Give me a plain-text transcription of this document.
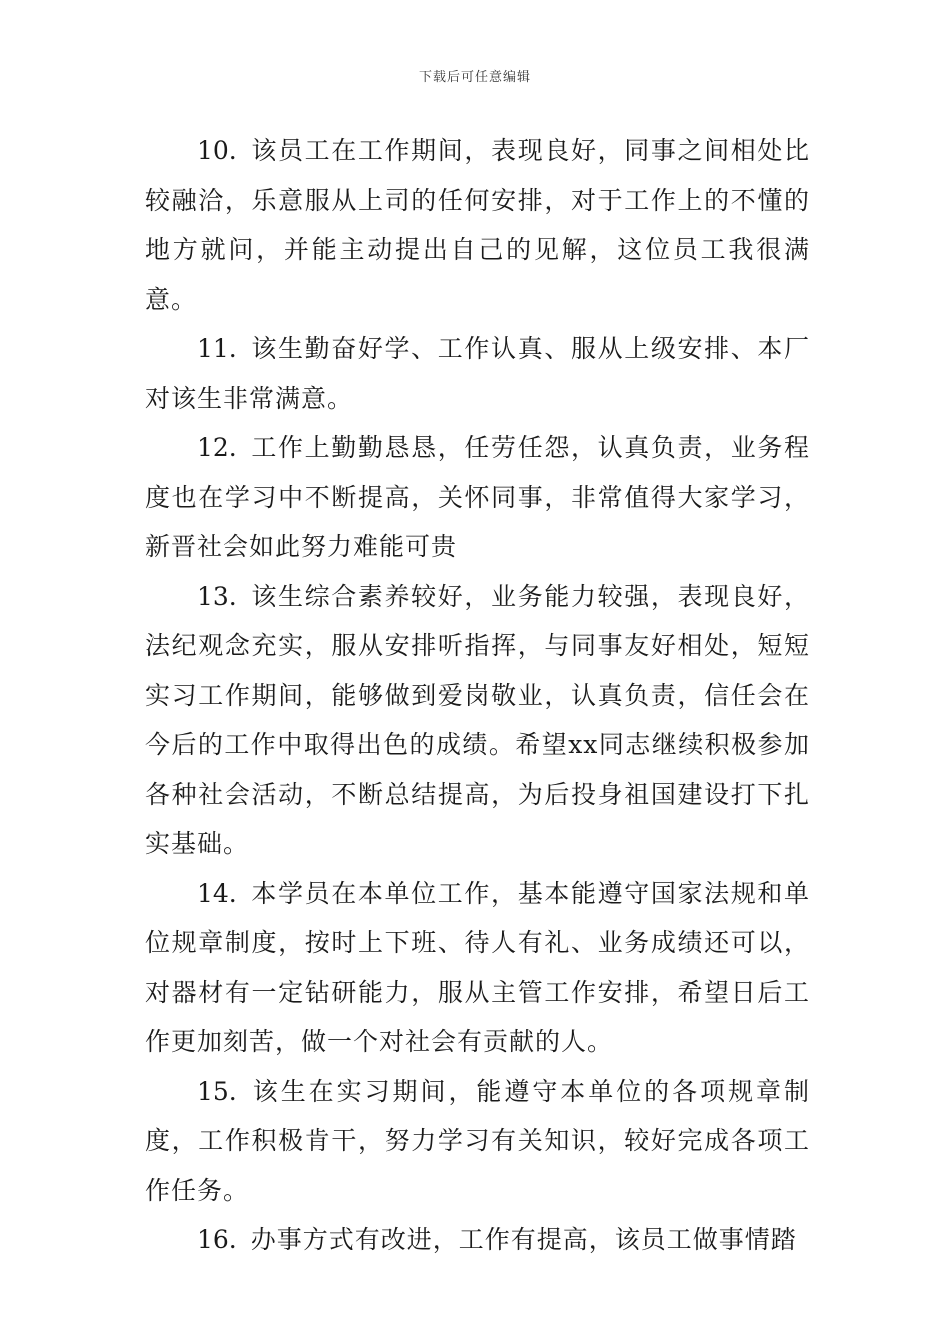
下载后可任意编辑

10. 该员工在工作期间，表现良好，同事之间相处比较融洽，乐意服从上司的任何安排，对于工作上的不懂的地方就问，并能主动提出自己的见解，这位员工我很满意。

11. 该生勤奋好学、工作认真、服从上级安排、本厂对该生非常满意。

12. 工作上勤勤恳恳，任劳任怨，认真负责，业务程度也在学习中不断提高，关怀同事，非常值得大家学习，新晋社会如此努力难能可贵

13. 该生综合素养较好，业务能力较强，表现良好，法纪观念充实，服从安排听指挥，与同事友好相处，短短实习工作期间，能够做到爱岗敬业，认真负责，信任会在今后的工作中取得出色的成绩。希望xx同志继续积极参加各种社会活动，不断总结提高，为后投身祖国建设打下扎实基础。

14. 本学员在本单位工作，基本能遵守国家法规和单位规章制度，按时上下班、待人有礼、业务成绩还可以，对器材有一定钻研能力，服从主管工作安排，希望日后工作更加刻苦，做一个对社会有贡献的人。

15. 该生在实习期间，能遵守本单位的各项规章制度，工作积极肯干，努力学习有关知识，较好完成各项工作任务。

16. 办事方式有改进，工作有提高，该员工做事情踏
